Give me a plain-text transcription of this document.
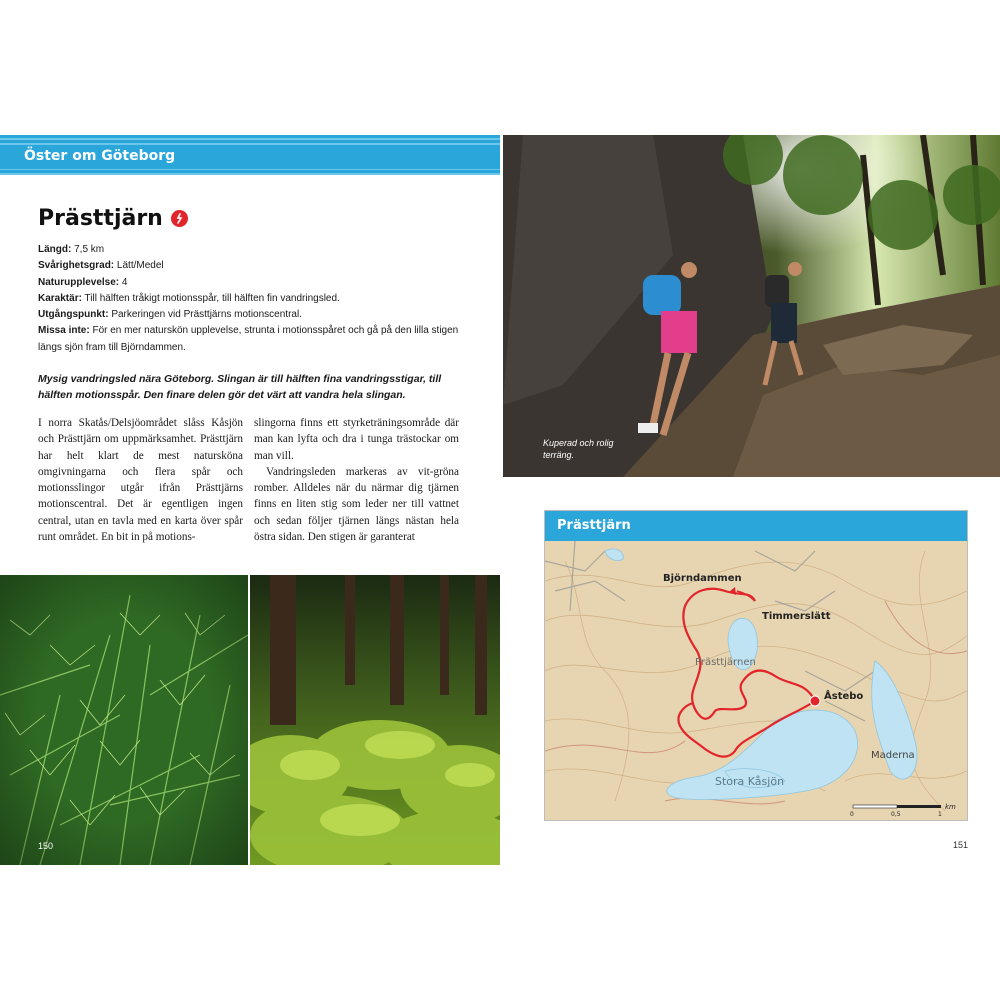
Öster om Göteborg
Prästtjärn
Längd: 7,5 km
Svårighetsgrad: Lätt/Medel
Naturupplevelse: 4
Karaktär: Till hälften tråkigt motionsspår, till hälften fin vandringsled.
Utgångspunkt: Parkeringen vid Prästtjärns motionscentral.
Missa inte: För en mer naturskön upplevelse, strunta i motionsspåret och gå på den lilla stigen längs sjön fram till Björndammen.
Mysig vandringsled nära Göteborg. Slingan är till hälften fina vandringsstigar, till hälften motionsspår. Den finare delen gör det värt att vandra hela slingan.
I norra Skatås/Delsjöområdet slåss Kåsjön och Prästtjärn om uppmärksamhet. Prästtjärn har helt klart de mest natursköna omgivningarna och flera spår och motionsslingor utgår ifrån Prästtjärns motionscentral. Det är egentligen ingen central, utan en tavla med en karta över spår runt området. En bit in på motions-
slingorna finns ett styrketräningsområde där man kan lyfta och dra i tunga trästockar om man vill.
Vandringsleden markeras av vit-gröna romber. Alldeles när du närmar dig tjärnen finns en liten stig som leder ner till vattnet och sedan följer tjärnen längs nästan hela östra sidan. Den stigen är garanterat
150
Kuperad och rolig terräng.
Prästtjärn
Björndammen
Timmerslätt
Prästtjärnen
Åstebo
Maderna
Stora Kåsjön
0	0,5	1
km
151
